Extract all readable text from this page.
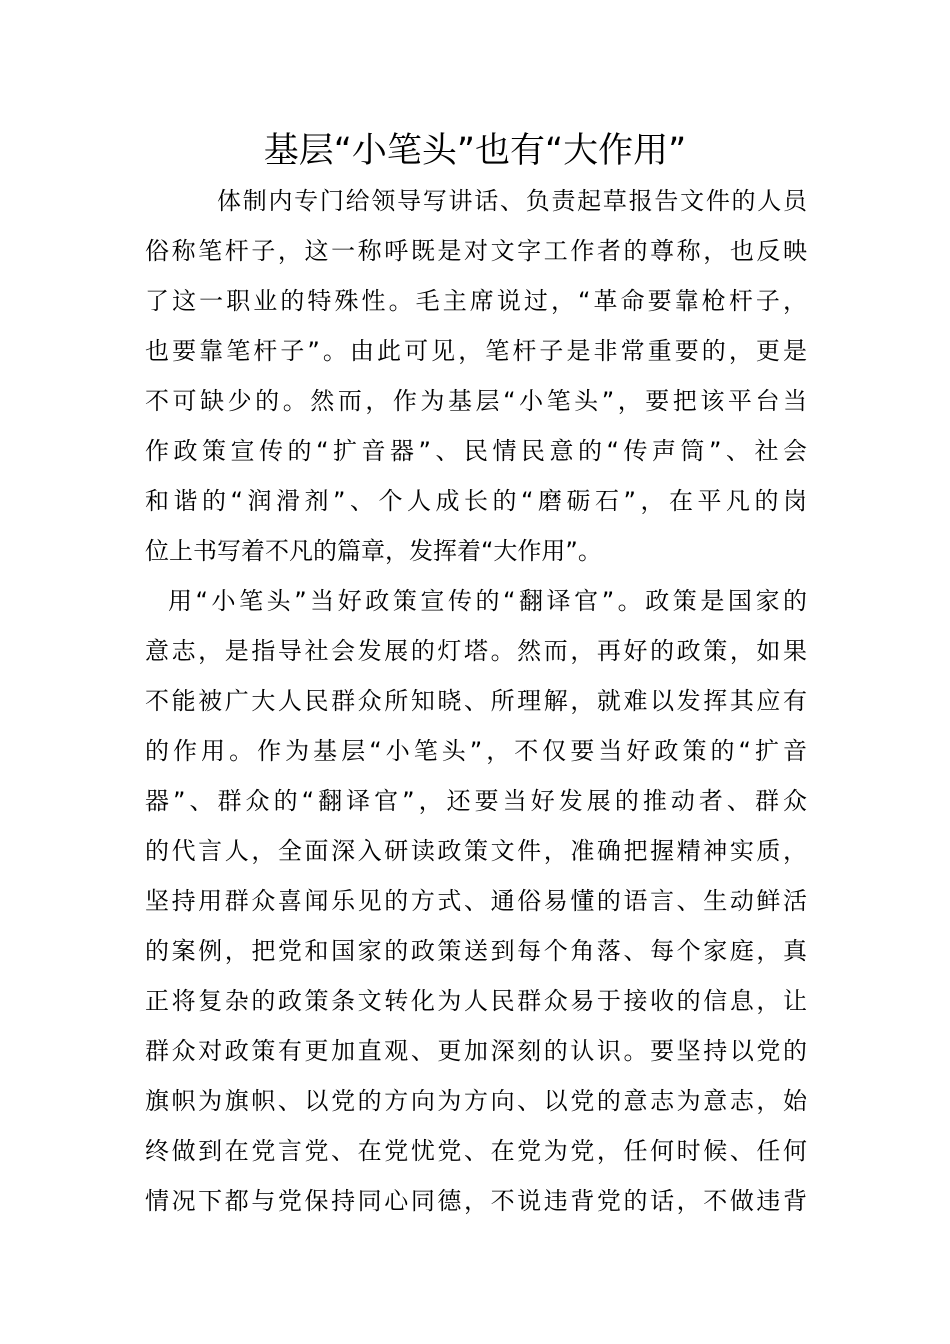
基层“小笔头”也有“大作用”
体制内专门给领导写讲话、负责起草报告文件的人员
俗称笔杆子，这一称呼既是对文字工作者的尊称，也反映
了这一职业的特殊性。毛主席说过，“革命要靠枪杆子，
也要靠笔杆子”。由此可见，笔杆子是非常重要的，更是
不可缺少的。然而，作为基层“小笔头”，要把该平台当
作政策宣传的“扩音器”、民情民意的“传声筒”、社会
和谐的“润滑剂”、个人成长的“磨砺石”，在平凡的岗
位上书写着不凡的篇章，发挥着“大作用”。
用“小笔头”当好政策宣传的“翻译官”。政策是国家的
意志，是指导社会发展的灯塔。然而，再好的政策，如果
不能被广大人民群众所知晓、所理解，就难以发挥其应有
的作用。作为基层“小笔头”，不仅要当好政策的“扩音
器”、群众的“翻译官”，还要当好发展的推动者、群众
的代言人，全面深入研读政策文件，准确把握精神实质，
坚持用群众喜闻乐见的方式、通俗易懂的语言、生动鲜活
的案例，把党和国家的政策送到每个角落、每个家庭，真
正将复杂的政策条文转化为人民群众易于接收的信息，让
群众对政策有更加直观、更加深刻的认识。要坚持以党的
旗帜为旗帜、以党的方向为方向、以党的意志为意志，始
终做到在党言党、在党忧党、在党为党，任何时候、任何
情况下都与党保持同心同德，不说违背党的话，不做违背
